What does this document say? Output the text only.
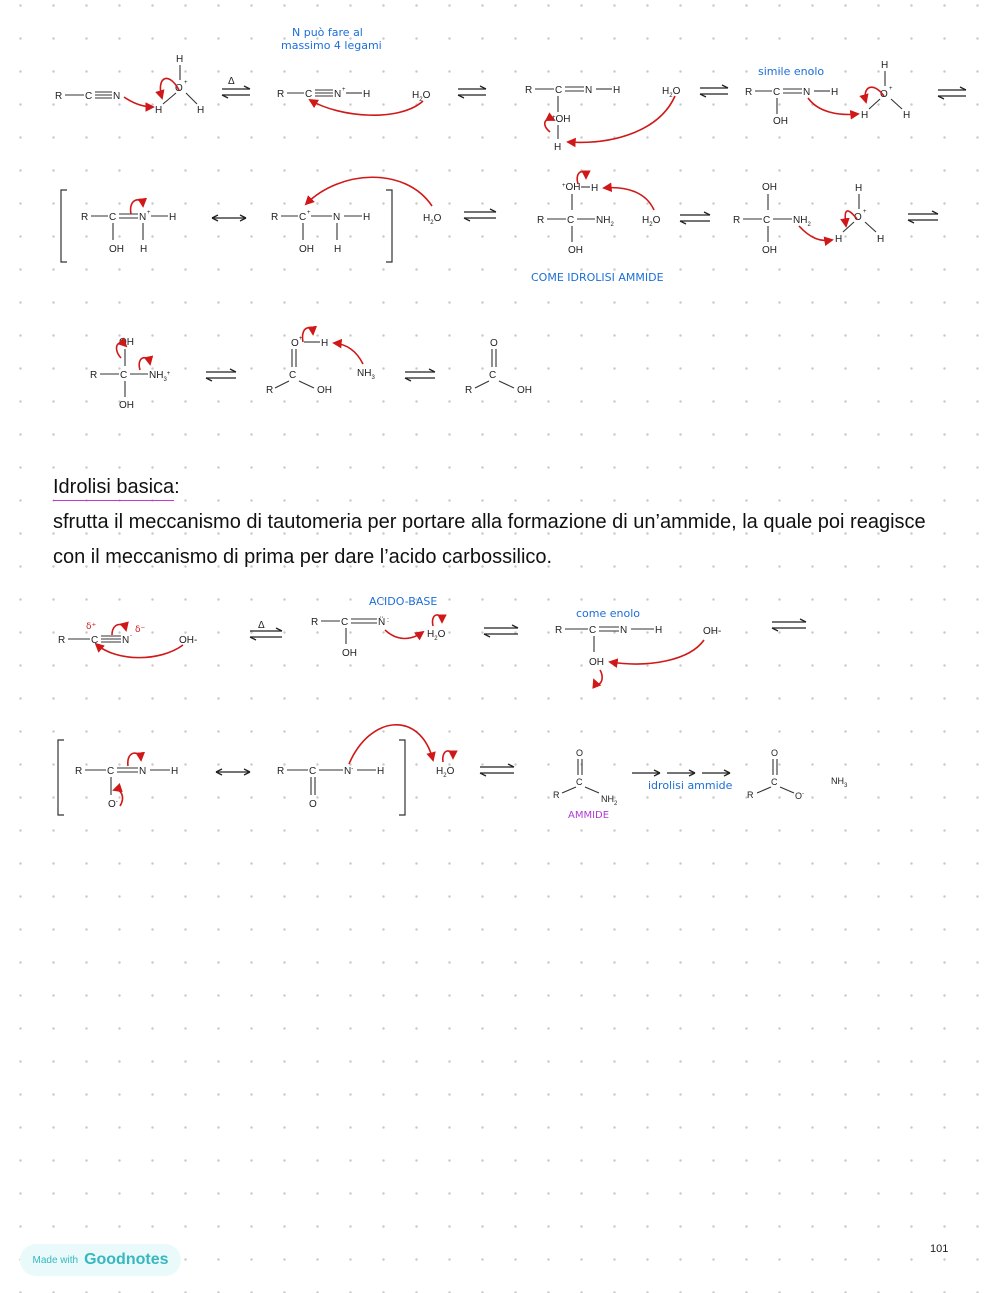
N può fare al
massimo 4 legami
simile enolo
R C N
H
O +
H	H
Δ
R C N + H	$H_2O$	R C N H
+OH
H
$H_2O$	R C N H
OH
H
O +
H	H
R C N + H
OH H
R C + N H
OH H
$H_2O$
+OH H
R C $NH_2$
OH
$H_2O$
COME IDROLISI AMMIDE
OH
R C $NH_2$
OH
H
O +
H	H
OH
R C $NH_3^+$
OH
O + H
C
R	OH
$NH_3$
O
C
R	OH
Idrolisi basica
:
sfrutta il meccanismo di tautomeria per portare alla formazione di un’ammide, la quale poi reagisce con il meccanismo di prima per dare l’acido carbossilico.
ACIDO-BASE
come enolo
δ⁺	δ⁻
R	C N -	OH-
Δ	R C	N̈ :
OH
$H_2O$	R	C N	H
OH
OH-
R C N H
O-
R C	N- H
O
$H_2O$
O
C
R	$NH_2$
AMMIDE
idrolisi ammide
O
C
R	O-
$NH_3$
Made with Goodnotes
101
